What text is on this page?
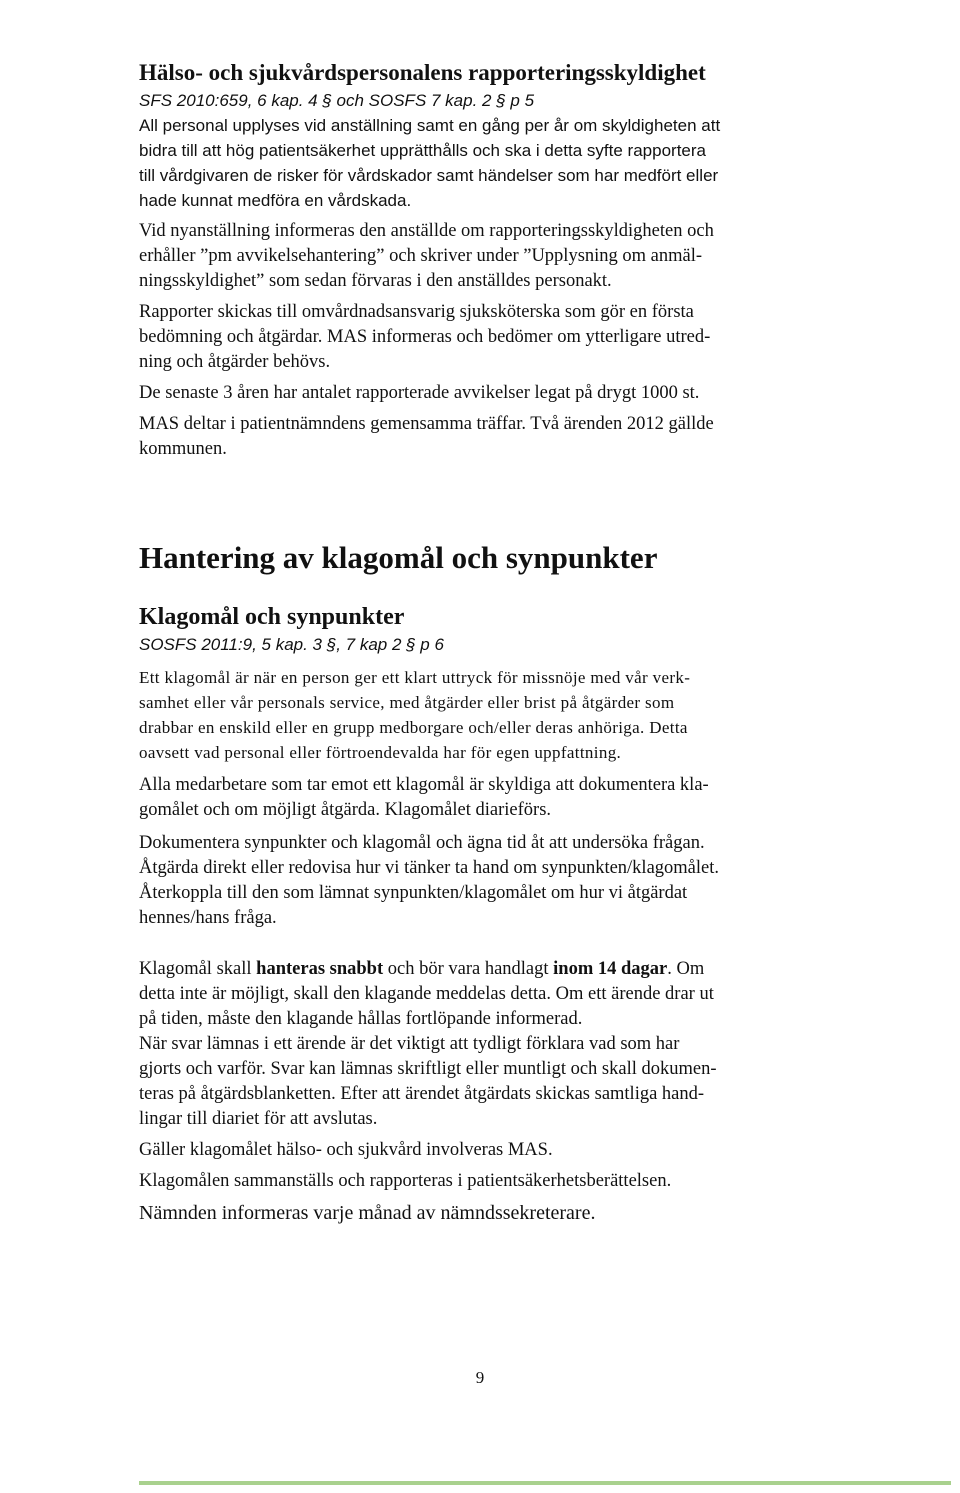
Hälso- och sjukvårdspersonalens rapporteringsskyldighet

SFS 2010:659, 6 kap. 4 § och SOSFS 7 kap. 2 § p 5

All personal upplyses vid anställning samt en gång per år om skyldigheten att
bidra till att hög patientsäkerhet upprätthålls och ska i detta syfte rapportera
till vårdgivaren de risker för vårdskador samt händelser som har medfört eller
hade kunnat medföra en vårdskada.

Vid nyanställning informeras den anställde om rapporteringsskyldigheten och
erhåller ”pm avvikelsehantering” och skriver under ”Upplysning om anmäl-
ningsskyldighet” som sedan förvaras i den anställdes personakt.

Rapporter skickas till omvårdnadsansvarig sjuksköterska som gör en första
bedömning och åtgärdar. MAS informeras och bedömer om ytterligare utred-
ning och åtgärder behövs.

De senaste 3 åren har antalet rapporterade avvikelser legat på drygt 1000 st.

MAS deltar i patientnämndens gemensamma träffar. Två ärenden 2012 gällde
kommunen.

Hantering av klagomål och synpunkter
Klagomål och synpunkter

SOSFS 2011:9, 5 kap. 3 §, 7 kap 2 § p 6

Ett klagomål är när en person ger ett klart uttryck för missnöje med vår verk-
samhet eller vår personals service, med åtgärder eller brist på åtgärder som
drabbar en enskild eller en grupp medborgare och/eller deras anhöriga. Detta
oavsett vad personal eller förtroendevalda har för egen uppfattning.

Alla medarbetare som tar emot ett klagomål är skyldiga att dokumentera kla-
gomålet och om möjligt åtgärda. Klagomålet diarieförs.

Dokumentera synpunkter och klagomål och ägna tid åt att undersöka frågan.
Åtgärda direkt eller redovisa hur vi tänker ta hand om synpunkten/klagomålet.
Återkoppla till den som lämnat synpunkten/klagomålet om hur vi åtgärdat
hennes/hans fråga.

Klagomål skall hanteras snabbt och bör vara handlagt inom 14 dagar. Om
detta inte är möjligt, skall den klagande meddelas detta. Om ett ärende drar ut
på tiden, måste den klagande hållas fortlöpande informerad.

När svar lämnas i ett ärende är det viktigt att tydligt förklara vad som har
gjorts och varför. Svar kan lämnas skriftligt eller muntligt och skall dokumen-
teras på åtgärdsblanketten. Efter att ärendet åtgärdats skickas samtliga hand-
lingar till diariet för att avslutas.

Gäller klagomålet hälso- och sjukvård involveras MAS.

Klagomålen sammanställs och rapporteras i patientsäkerhetsberättelsen.

Nämnden informeras varje månad av nämndssekreterare.

9
